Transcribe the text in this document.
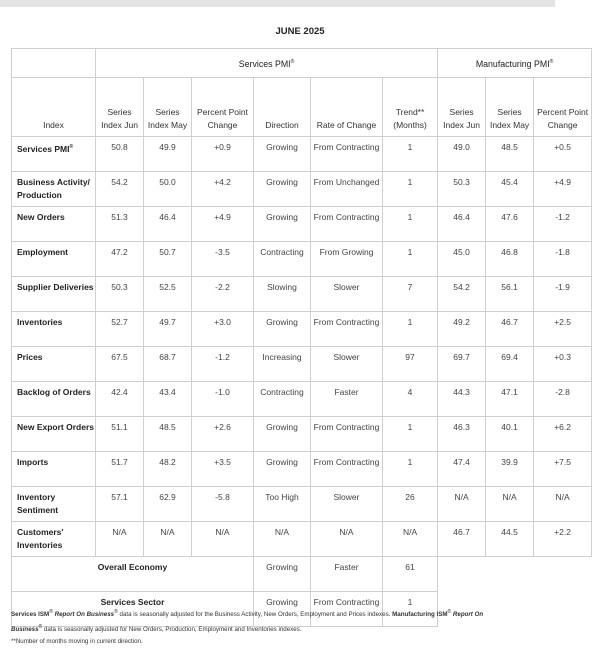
JUNE 2025
	Services PMI®						Manufacturing PMI®
Index	Series Index Jun	Series Index May	Percent Point Change	Direction	Rate of Change	Trend** (Months)	Series Index Jun	Series Index May	Percent Point Change
Services PMI®	50.8	49.9	+0.9	Growing	From Contracting	1	49.0	48.5	+0.5
Business Activity/ Production	54.2	50.0	+4.2	Growing	From Unchanged	1	50.3	45.4	+4.9
New Orders	51.3	46.4	+4.9	Growing	From Contracting	1	46.4	47.6	-1.2
Employment	47.2	50.7	-3.5	Contracting	From Growing	1	45.0	46.8	-1.8
Supplier Deliveries	50.3	52.5	-2.2	Slowing	Slower	7	54.2	56.1	-1.9
Inventories	52.7	49.7	+3.0	Growing	From Contracting	1	49.2	46.7	+2.5
Prices	67.5	68.7	-1.2	Increasing	Slower	97	69.7	69.4	+0.3
Backlog of Orders	42.4	43.4	-1.0	Contracting	Faster	4	44.3	47.1	-2.8
New Export Orders	51.1	48.5	+2.6	Growing	From Contracting	1	46.3	40.1	+6.2
Imports	51.7	48.2	+3.5	Growing	From Contracting	1	47.4	39.9	+7.5
Inventory Sentiment	57.1	62.9	-5.8	Too High	Slower	26	N/A	N/A	N/A
Customers' Inventories	N/A	N/A	N/A	N/A	N/A	N/A	46.7	44.5	+2.2
Overall Economy				Growing	Faster	61			
Services Sector				Growing	From Contracting	1			
Services ISM® Report On Business® data is seasonally adjusted for the Business Activity, New Orders, Employment and Prices indexes. Manufacturing ISM® Report On
Business® data is seasonally adjusted for New Orders, Production, Employment and Inventories indexes.
**Number of months moving in current direction.
